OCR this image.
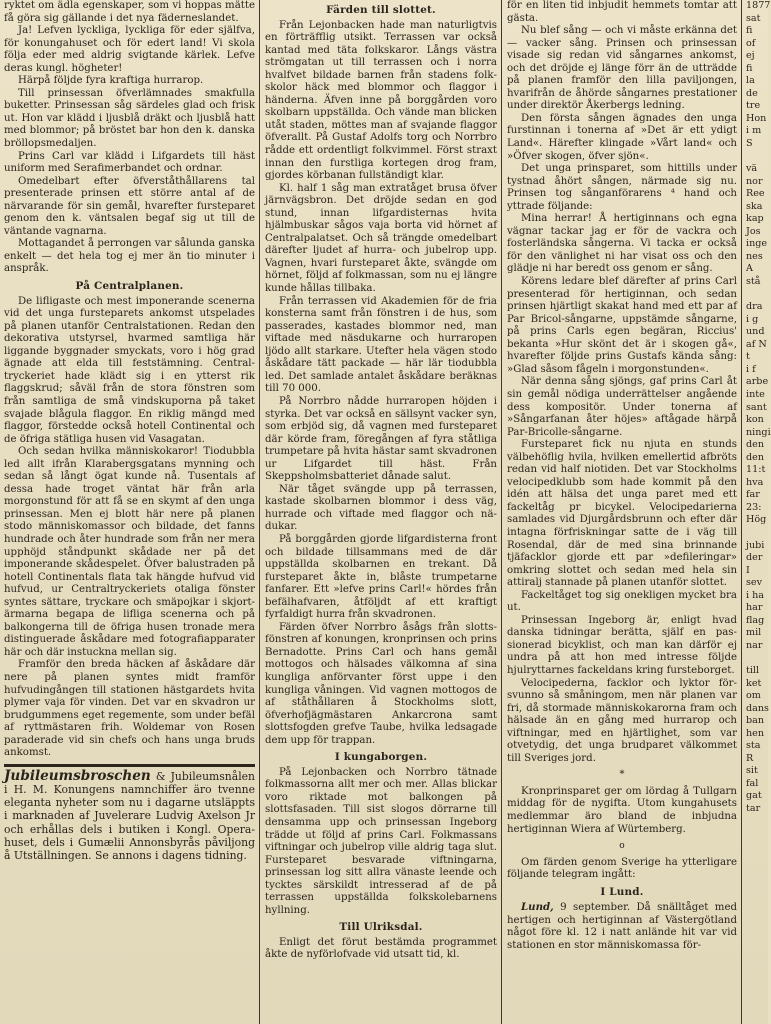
ryktet om ädla egenskaper, som vi hoppas mätte få göra sig gällande i det nya fäderneslandet.

Ja! Lefven lyckliga, lyckliga för eder själfva, för konungahuset och för edert land! Vi skola följa eder med aldrig svigtande kärlek. Lefve deras kungl. högheter!

Härpå följde fyra kraftiga hurrarop.

Till prinsessan öfverlämnades smakfulla buketter. Prinsessan såg särdeles glad och frisk ut. Hon var klädd i ljusblå dräkt och ljusblå hatt med blommor; på bröstet bar hon den k. danska bröllopsmedaljen.

Prins Carl var klädd i Lifgardets till häst uniform med Serafimerbandet och ordnar.

Omedelbart efter öfverståthållarens tal presenterade prinsen ett större antal af de närvarande för sin gemål, hvarefter fursteparet genom den k. väntsalen begaf sig ut till de väntande vagnarna.

Mottagandet å perrongen var sålunda ganska enkelt — det hela tog ej mer än tio minuter i anspråk.

På Centralplanen.

De lifligaste och mest imponerande scenerna vid det unga fursteparets ankomst utspelades på planen utanför Centralstationen. Redan den dekorativa utstyrsel, hvarmed samtliga här liggande byggnader smyckats, voro i hög grad ägnade att elda till feststämning. Centraltryckeriet hade klädt sig i en ytterst rik flaggskrud; såväl från de stora fönstren som från samtliga de små vindskuporna på taket svajade blågula flaggor. En riklig mängd med flaggor, förstedde också hotell Continental och de öfriga stätliga husen vid Vasagatan.

Och sedan hvilka människokaror! Tiodubbla led allt ifrån Klarabergsgatans mynning och sedan så långt ögat kunde nå. Tusentals af dessa hade troget väntat här från arla morgonstund för att få se en skymt af den unga prinsessan. Men ej blott här nere på planen stodo människomassor och bildade, det fanns hundrade och åter hundrade som från ner mera upphöjd ståndpunkt skådade ner på det imponerande skådespelet. Öfver balustraden på hotell Continentals flata tak hängde hufvud vid hufvud, ur Centraltryckeriets otaliga fönster syntes sättare, tryckare och smäpojkar i skjortärmarna begapa de lifliga scenerna och på balkongerna till de öfriga husen tronade mera distinguerade åskådare med fotografiapparater här och där instuckna mellan sig.

Framför den breda häcken af åskådare där nere på planen syntes midt framför hufvudingången till stationen hästgardets hvita plymer vaja för vinden. Det var en skvadron ur brudgummens eget regemente, som under befäl af ryttmästaren frih. Woldemar von Rosen paraderade vid sin chefs och hans unga bruds ankomst.

Jubileumsbroschen & Jubileumsnålen i H. M. Konungens namnchiffer äro tvenne eleganta nyheter som nu i dagarne utsläppts i marknaden af Juvelerare Ludvig Axelson Jr och erhållas dels i butiken i Kongl. Operahuset, dels i Gumælii Annonsbyrås påviljong å Utställningen. Se annons i dagens tidning.

Färden till slottet.

Från Lejonbacken hade man naturligtvis en förträfflig utsikt. Terrassen var också kantad med täta folkskaror. Långs västra strömgatan ut till terrassen och i norra hvalfvet bildade barnen från stadens folkskolor häck med blommor och flaggor i händerna. Äfven inne på borggården voro skolbarn uppställda. Och vände man blicken utåt staden, möttes man af svajande flaggor öfverallt. På Gustaf Adolfs torg och Norrbro rådde ett ordentligt folkvimmel. Först straxt innan den furstliga kortegen drog fram, gjordes körbanan fullständigt klar.

Kl. half 1 såg man extratåget brusa öfver järnvägsbron. Det dröjde sedan en god stund, innan lifgardisternas hvita hjälmbuskar sågos vaja borta vid hörnet af Centralpalatset. Och så trängde omedelbart därefter ljudet af hurra- och jubelrop upp. Vagnen, hvari fursteparet åkte, svängde om hörnet, följd af folkmassan, som nu ej längre kunde hållas tillbaka.

Från terrassen vid Akademien för de fria konsterna samt från fönstren i de hus, som passerades, kastades blommor ned, man viftade med näsdukarne och hurraropen ljödo allt starkare. Utefter hela vägen stodo åskådare tätt packade — här lär tiodubbla led. Det samlade antalet åskådare beräknas till 70 000.

På Norrbro nådde hurraropen höjden i styrka. Det var också en sällsynt vacker syn, som erbjöd sig, då vagnen med fursteparet där körde fram, föregången af fyra ståtliga trumpetare på hvita hästar samt skvadronen ur Lifgardet till häst. Från Skeppsholmsbatteriet dånade salut.

När tåget svängde upp på terrassen, kastade skolbarnen blommor i dess väg, hurrade och viftade med flaggor och nädukar.

På borggården gjorde lifgardisterna front och bildade tillsammans med de där uppställda skolbarnen en trekant. Då fursteparet åkte in, blåste trumpetarne fanfarer. Ett »lefve prins Carl!« hördes från befälhafvaren, åtföljdt af ett kraftigt fyrfaldigt hurra från skvadronen.

Färden öfver Norrbro åsågs från slottsfönstren af konungen, kronprinsen och prins Bernadotte. Prins Carl och hans gemål mottogos och hälsades välkomna af sina kungliga anförvanter först uppe i den kungliga våningen. Vid vagnen mottogos de af ståthållaren å Stockholms slott, öfverhofjägmästaren Ankarcrona samt slottsfogden grefve Taube, hvilka ledsagade dem upp för trappan.

I kungaborgen.

På Lejonbacken och Norrbro tätnade folkmassorna allt mer och mer. Allas blickar voro riktade mot balkongen på slottsfasaden. Till sist slogos dörrarne till densamma upp och prinsessan Ingeborg trädde ut följd af prins Carl. Folkmassans viftningar och jubelrop ville aldrig taga slut. Fursteparet besvarade viftningarna, prinsessan log sitt allra vänaste leende och tycktes särskildt intresserad af de på terrassen uppställda folkskolebarnens hyllning.

Till Ulriksdal.

Enligt det förut bestämda programmet åkte de nyförlofvade vid utsatt tid, kl.

för en liten tid inbjudit hemmets tomtar att gästa.

Nu blef sång — och vi måste erkänna det — vacker sång. Prinsen och prinsessan visade sig redan vid sångarnes ankomst, och det dröjde ej länge förr än de utträdde på planen framför den lilla paviljongen, hvarifrån de åhörde sångarnes prestationer under direktör Åkerbergs ledning.

Den första sången ägnades den unga furstinnan i tonerna af »Det är ett ydigt Land«. Härefter klingade »Vårt land« och »Öfver skogen, öfver sjön«.

Det unga prinsparet, som hittills under tystnad åhört sången, närmade sig nu. Prinsen tog sånganförarens ⁴ hand och yttrade följande:

Mina herrar! Å hertiginnans och egna vägnar tackar jag er för de vackra och fosterländska sångerna. Vi tacka er också för den vänlighet ni har visat oss och den glädje ni har beredt oss genom er sång.

Körens ledare blef därefter af prins Carl presenterad för hertiginnan, och sedan prinsen hjärtligt skakat hand med ett par af Par Bricol-sångarne, uppstämde sångarne, på prins Carls egen begäran, Riccius' bekanta »Hur skönt det är i skogen gå«, hvarefter följde prins Gustafs kända sång: »Glad såsom fågeln i morgonstunden«.

När denna sång sjöngs, gaf prins Carl åt sin gemål nödiga underrättelser angående dess kompositör. Under tonerna af »Sångarfanan åter höjes» aftågade härpå Par-Bricolle-sångarne.

Fursteparet fick nu njuta en stunds välbehöflig hvila, hvilken emellertid afbröts redan vid half niotiden. Det var Stockholms velocipedklubb som hade kommit på den idén att hälsa det unga paret med ett fackeltåg pr bicykel. Velocipedarierna samlades vid Djurgårdsbrunn och efter där intagna förfriskningar satte de i väg till Rosendal, där de med sina brinnande tjäfacklor gjorde ett par »defileringar» omkring slottet och sedan med hela sin attiralj stannade på planen utanför slottet.

Fackeltåget tog sig onekligen mycket bra ut.

Prinsessan Ingeborg är, enligt hvad danska tidningar berätta, själf en passionerad bicyklist, och man kan därför ej undra på att hon med intresse följde hjulryttarnes fackeldans kring fursteborget.

Velocipederna, facklor och lyktor försvunno så småningom, men när planen var fri, då stormade människokarorna fram och hälsade än en gång med hurrarop och viftningar, med en hjärtlighet, som var otvetydig, det unga brudparet välkommet till Sveriges jord.

*

Kronprinsparet ger om lördag å Tullgarn middag för de nygifta. Utom kungahusets medlemmar äro bland de inbjudna hertiginnan Wiera af Würtemberg.

o

Om färden genom Sverige ha ytterligare följande telegram ingått:

I Lund.

Lund, 9 september. Då snälltåget med hertigen och hertiginnan af Västergötland något före kl. 12 i natt anlände hit var vid stationen en stor människomassa för-

1877
sat
fi
of
ej
fi
la
de
tre
Hon
i m
S

vä
nor
Ree
ska
kap
Jos
inge
nes
A
stå

dra
i g
und
af N
t
i f
arbe
inte
sant
kon
ningi
den
den
11:t
hva
far
23:
Hög

jubi
der
I
sev
i ha
har
flag
mil
nar

till
ket
om
dans
ban
hen
sta
R
sit
fal
gat
tar
